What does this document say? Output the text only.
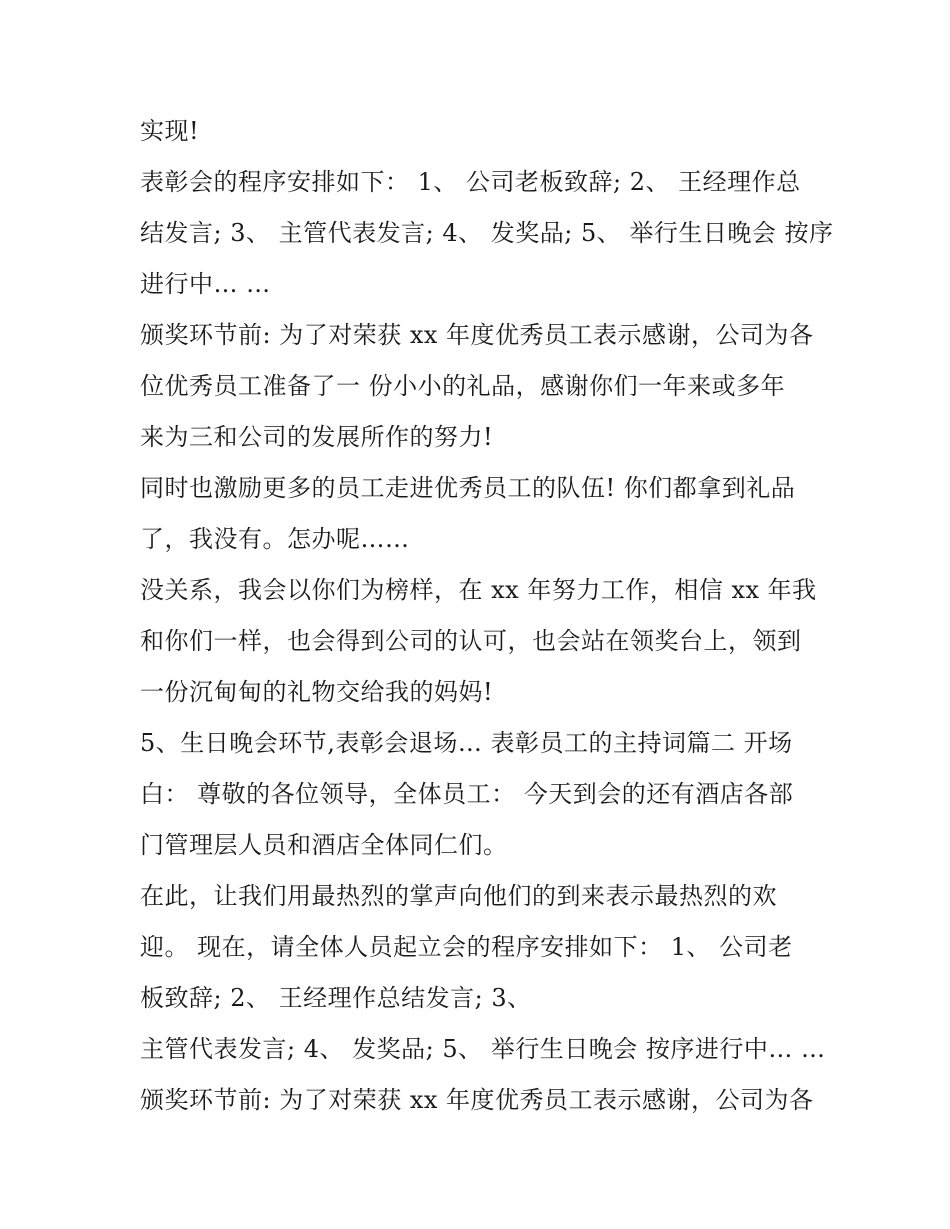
实现!
表彰会的程序安排如下： 1、 公司老板致辞; 2、 王经理作总
结发言; 3、 主管代表发言; 4、 发奖品; 5、 举行生日晚会 按序
进行中… …
颁奖环节前: 为了对荣获 xx 年度优秀员工表示感谢，公司为各
位优秀员工准备了一 份小小的礼品，感谢你们一年来或多年
来为三和公司的发展所作的努力!
同时也激励更多的员工走进优秀员工的队伍! 你们都拿到礼品
了，我没有。怎办呢……
没关系，我会以你们为榜样，在 xx 年努力工作，相信 xx 年我
和你们一样，也会得到公司的认可，也会站在领奖台上，领到
一份沉甸甸的礼物交给我的妈妈!
5、生日晚会环节,表彰会退场… 表彰员工的主持词篇二 开场
白： 尊敬的各位领导，全体员工： 今天到会的还有酒店各部
门管理层人员和酒店全体同仁们。
在此，让我们用最热烈的掌声向他们的到来表示最热烈的欢
迎。 现在，请全体人员起立会的程序安排如下： 1、 公司老
板致辞; 2、 王经理作总结发言; 3、
主管代表发言; 4、 发奖品; 5、 举行生日晚会 按序进行中… …
颁奖环节前: 为了对荣获 xx 年度优秀员工表示感谢，公司为各
